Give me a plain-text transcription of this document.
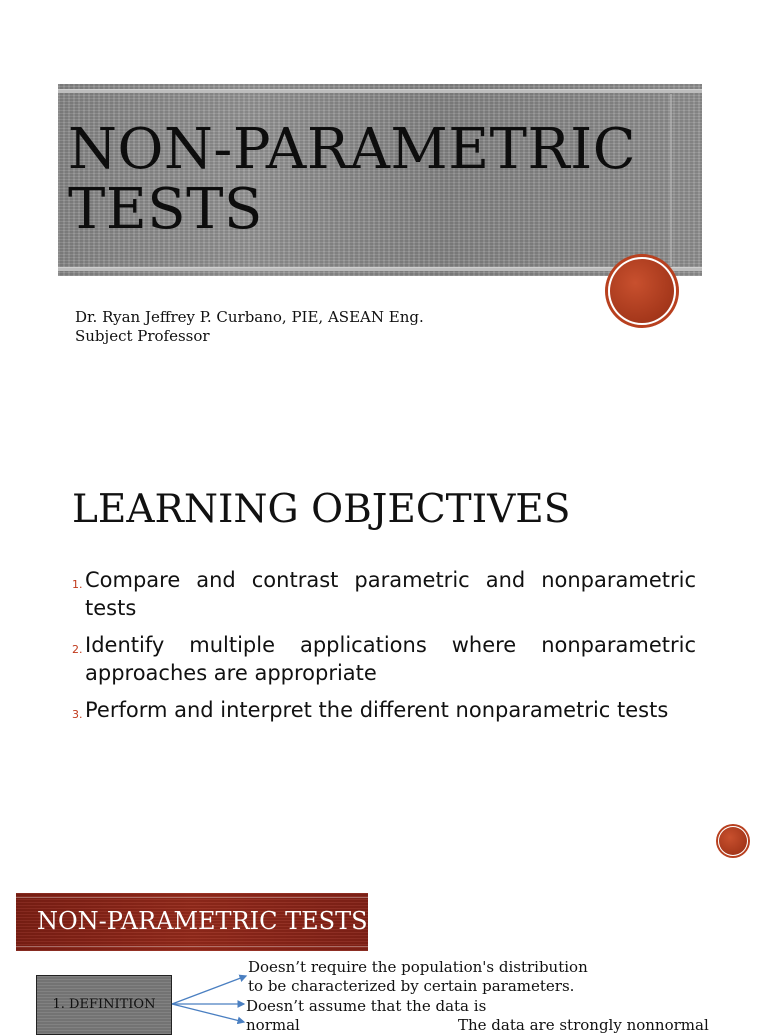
NON-PARAMETRIC
TESTS
Dr. Ryan Jeffrey P. Curbano, PIE, ASEAN Eng.
Subject Professor
LEARNING OBJECTIVES
1. Compare and contrast parametric and nonparametric tests
2. Identify multiple applications where nonparametric approaches are appropriate
3. Perform and interpret the different nonparametric tests
NON-PARAMETRIC TESTS
1. DEFINITION
Doesn’t require the population's distribution
to be characterized by certain parameters.
Doesn’t assume that the data is
normal	The data are strongly nonnormal
